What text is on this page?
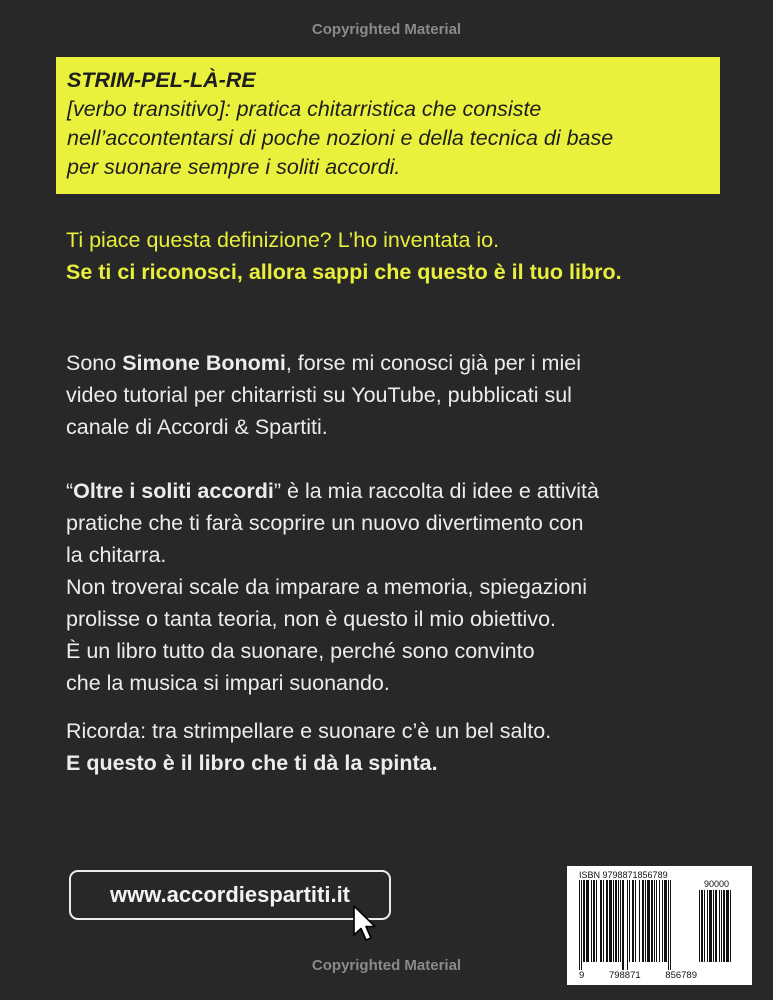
Copyrighted Material
STRIM-PEL-LÀ-RE
[verbo transitivo]: pratica chitarristica che consiste
nell’accontentarsi di poche nozioni e della tecnica di base
per suonare sempre i soliti accordi.
Ti piace questa definizione? L’ho inventata io.
Se ti ci riconosci, allora sappi che questo è il tuo libro.
Sono Simone Bonomi, forse mi conosci già per i miei
video tutorial per chitarristi su YouTube, pubblicati sul
canale di Accordi & Spartiti.
“Oltre i soliti accordi” è la mia raccolta di idee e attività
pratiche che ti farà scoprire un nuovo divertimento con
la chitarra.
Non troverai scale da imparare a memoria, spiegazioni
prolisse o tanta teoria, non è questo il mio obiettivo.
È un libro tutto da suonare, perché sono convinto
che la musica si impari suonando.
Ricorda: tra strimpellare e suonare c’è un bel salto.
E questo è il libro che ti dà la spinta.
www.accordiespartiti.it
ISBN 9798871856789
90000
9	798871	856789
Copyrighted Material
